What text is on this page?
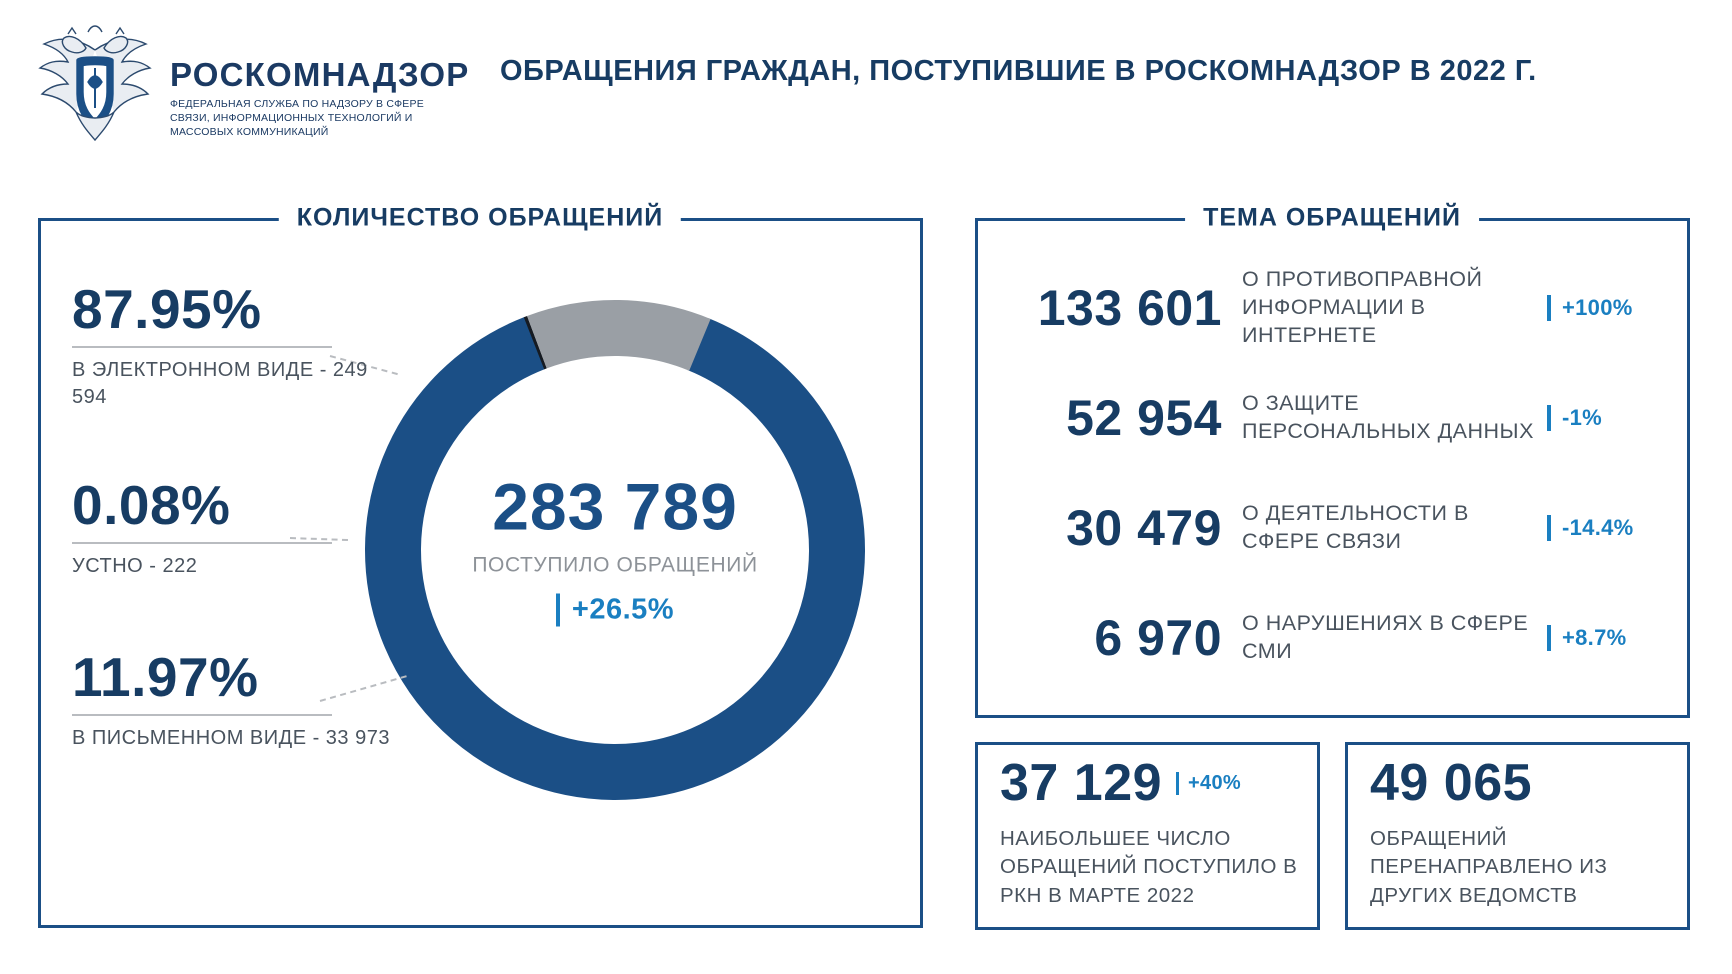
РОСКОМНАДЗОР
ФЕДЕРАЛЬНАЯ СЛУЖБА ПО НАДЗОРУ В СФЕРЕ СВЯЗИ, ИНФОРМАЦИОННЫХ ТЕХНОЛОГИЙ И МАССОВЫХ КОММУНИКАЦИЙ
ОБРАЩЕНИЯ ГРАЖДАН, ПОСТУПИВШИЕ В РОСКОМНАДЗОР В 2022 Г.
КОЛИЧЕСТВО ОБРАЩЕНИЙ
283 789
ПОСТУПИЛО ОБРАЩЕНИЙ
+26.5%
87.95%
В ЭЛЕКТРОННОМ ВИДЕ - 249 594
0.08%
УСТНО - 222
11.97%
В ПИСЬМЕННОМ ВИДЕ - 33 973
ТЕМА ОБРАЩЕНИЙ
133 601
О ПРОТИВОПРАВНОЙ ИНФОРМАЦИИ В ИНТЕРНЕТЕ
+100%
52 954 О ЗАЩИТЕ ПЕРСОНАЛЬНЫХ ДАННЫХ
-1%
30 479 О ДЕЯТЕЛЬНОСТИ В СФЕРЕ СВЯЗИ
-14.4%
6 970 О НАРУШЕНИЯХ В СФЕРЕ СМИ
+8.7%
37 129	+40%
НАИБОЛЬШЕЕ ЧИСЛО ОБРАЩЕНИЙ ПОСТУПИЛО В РКН В МАРТЕ 2022
49 065
ОБРАЩЕНИЙ ПЕРЕНАПРАВЛЕНО ИЗ ДРУГИХ ВЕДОМСТВ
